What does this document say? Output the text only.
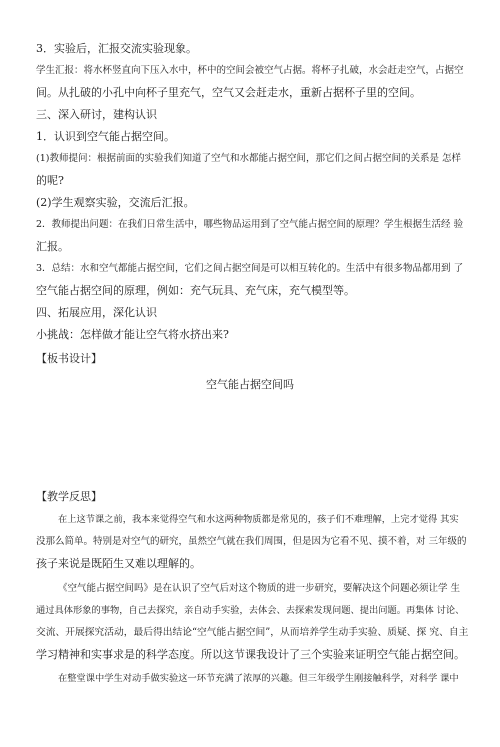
3．实验后，汇报交流实验现象。
学生汇报：将水杯竖直向下压入水中，杯中的空间会被空气占据。将杯子扎破，水会赶走空气，占据空
间。从扎破的小孔中向杯子里充气，空气又会赶走水，重新占据杯子里的空间。
三、深入研讨，建构认识
1．认识到空气能占据空间。
(1)教师提问：根据前面的实验我们知道了空气和水都能占据空间，那它们之间占据空间的关系是 怎样
的呢?
(2)学生观察实验，交流后汇报。
2．教师提出问题：在我们日常生活中，哪些物品运用到了空气能占据空间的原理？学生根据生活经 验
汇报。
3．总结：水和空气都能占据空间，它们之间占据空间是可以相互转化的。生活中有很多物品都用到 了
空气能占据空间的原理，例如：充气玩具、充气床，充气模型等。
四、拓展应用，深化认识
小挑战：怎样做才能让空气将水挤出来?
【板书设计】
空气能占据空间吗
【教学反思】
在上这节课之前，我本来觉得空气和水这两种物质都是常见的，孩子们不难理解，上完才觉得 其实
没那么简单。特别是对空气的研究，虽然空气就在我们周围，但是因为它看不见、摸不着，对 三年级的
孩子来说是既陌生又难以理解的。
《空气能占据空间吗》是在认识了空气后对这个物质的进一步研究，要解决这个问题必须让学 生
通过具体形象的事物，自己去探究，亲自动手实验，去体会、去探索发现问题、提出问题。再集体 讨论、
交流、开展探究活动，最后得出结论“空气能占据空间”，从而培养学生动手实验、质疑、探 究、自主
学习精神和实事求是的科学态度。所以这节课我设计了三个实验来证明空气能占据空间。
在整堂课中学生对动手做实验这一环节充满了浓厚的兴趣。但三年级学生刚接触科学，对科学 课中
